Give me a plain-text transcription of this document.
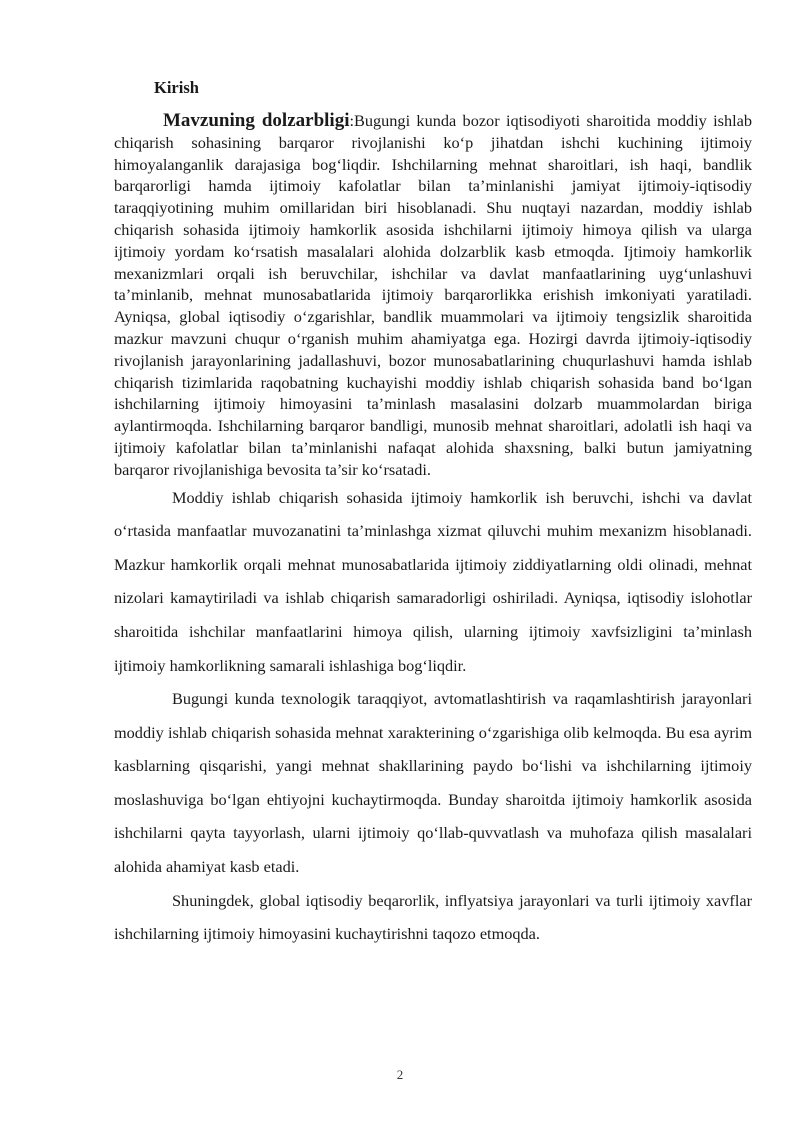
Kirish

Mavzuning dolzarbligi:Bugungi kunda bozor iqtisodiyoti sharoitida moddiy ishlab chiqarish sohasining barqaror rivojlanishi ko‘p jihatdan ishchi kuchining ijtimoiy himoyalanganlik darajasiga bog‘liqdir. Ishchilarning mehnat sharoitlari, ish haqi, bandlik barqarorligi hamda ijtimoiy kafolatlar bilan ta’minlanishi jamiyat ijtimoiy-iqtisodiy taraqqiyotining muhim omillaridan biri hisoblanadi. Shu nuqtayi nazardan, moddiy ishlab chiqarish sohasida ijtimoiy hamkorlik asosida ishchilarni ijtimoiy himoya qilish va ularga ijtimoiy yordam ko‘rsatish masalalari alohida dolzarblik kasb etmoqda. Ijtimoiy hamkorlik mexanizmlari orqali ish beruvchilar, ishchilar va davlat manfaatlarining uyg‘unlashuvi ta’minlanib, mehnat munosabatlarida ijtimoiy barqarorlikka erishish imkoniyati yaratiladi. Ayniqsa, global iqtisodiy o‘zgarishlar, bandlik muammolari va ijtimoiy tengsizlik sharoitida mazkur mavzuni chuqur o‘rganish muhim ahamiyatga ega. Hozirgi davrda ijtimoiy-iqtisodiy rivojlanish jarayonlarining jadallashuvi, bozor munosabatlarining chuqurlashuvi hamda ishlab chiqarish tizimlarida raqobatning kuchayishi moddiy ishlab chiqarish sohasida band bo‘lgan ishchilarning ijtimoiy himoyasini ta’minlash masalasini dolzarb muammolardan biriga aylantirmoqda. Ishchilarning barqaror bandligi, munosib mehnat sharoitlari, adolatli ish haqi va ijtimoiy kafolatlar bilan ta’minlanishi nafaqat alohida shaxsning, balki butun jamiyatning barqaror rivojlanishiga bevosita ta’sir ko‘rsatadi.

Moddiy ishlab chiqarish sohasida ijtimoiy hamkorlik ish beruvchi, ishchi va davlat o‘rtasida manfaatlar muvozanatini ta’minlashga xizmat qiluvchi muhim mexanizm hisoblanadi. Mazkur hamkorlik orqali mehnat munosabatlarida ijtimoiy ziddiyatlarning oldi olinadi, mehnat nizolari kamaytiriladi va ishlab chiqarish samaradorligi oshiriladi. Ayniqsa, iqtisodiy islohotlar sharoitida ishchilar manfaatlarini himoya qilish, ularning ijtimoiy xavfsizligini ta’minlash ijtimoiy hamkorlikning samarali ishlashiga bog‘liqdir.

Bugungi kunda texnologik taraqqiyot, avtomatlashtirish va raqamlashtirish jarayonlari moddiy ishlab chiqarish sohasida mehnat xarakterining o‘zgarishiga olib kelmoqda. Bu esa ayrim kasblarning qisqarishi, yangi mehnat shakllarining paydo bo‘lishi va ishchilarning ijtimoiy moslashuviga bo‘lgan ehtiyojni kuchaytirmoqda. Bunday sharoitda ijtimoiy hamkorlik asosida ishchilarni qayta tayyorlash, ularni ijtimoiy qo‘llab-quvvatlash va muhofaza qilish masalalari alohida ahamiyat kasb etadi.

Shuningdek, global iqtisodiy beqarorlik, inflyatsiya jarayonlari va turli ijtimoiy xavflar ishchilarning ijtimoiy himoyasini kuchaytirishni taqozo etmoqda.

2
